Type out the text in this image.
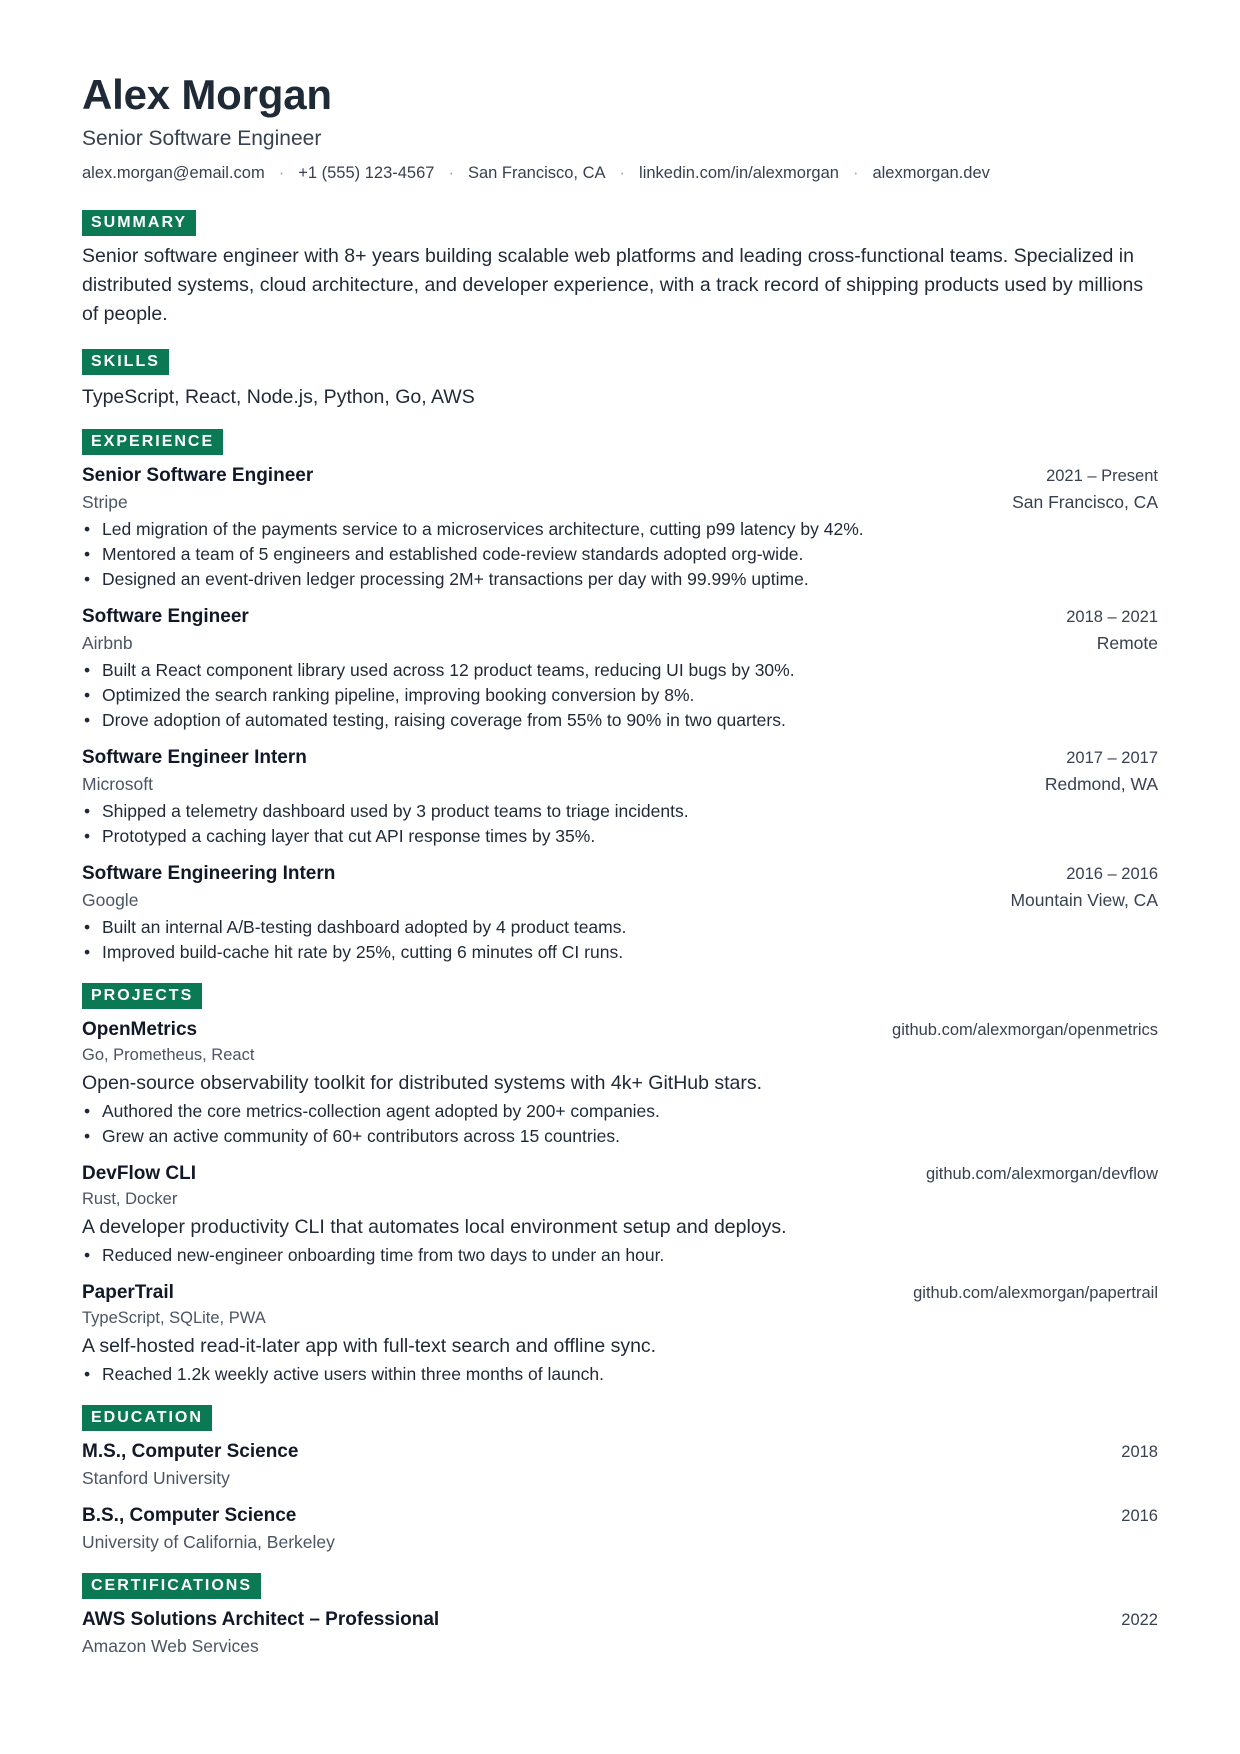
Alex Morgan
Senior Software Engineer
alex.morgan@email.com · +1 (555) 123-4567 · San Francisco, CA · linkedin.com/in/alexmorgan · alexmorgan.dev
SUMMARY
Senior software engineer with 8+ years building scalable web platforms and leading cross-functional teams. Specialized in distributed systems, cloud architecture, and developer experience, with a track record of shipping products used by millions of people.
SKILLS
TypeScript, React, Node.js, Python, Go, AWS
EXPERIENCE
Senior Software Engineer	2021 – Present
Stripe	San Francisco, CA
• Led migration of the payments service to a microservices architecture, cutting p99 latency by 42%.
• Mentored a team of 5 engineers and established code-review standards adopted org-wide.
• Designed an event-driven ledger processing 2M+ transactions per day with 99.99% uptime.
Software Engineer	2018 – 2021
Airbnb	Remote
• Built a React component library used across 12 product teams, reducing UI bugs by 30%.
• Optimized the search ranking pipeline, improving booking conversion by 8%.
• Drove adoption of automated testing, raising coverage from 55% to 90% in two quarters.
Software Engineer Intern	2017 – 2017
Microsoft	Redmond, WA
• Shipped a telemetry dashboard used by 3 product teams to triage incidents.
• Prototyped a caching layer that cut API response times by 35%.
Software Engineering Intern	2016 – 2016
Google	Mountain View, CA
• Built an internal A/B-testing dashboard adopted by 4 product teams.
• Improved build-cache hit rate by 25%, cutting 6 minutes off CI runs.
PROJECTS
OpenMetrics	github.com/alexmorgan/openmetrics
Go, Prometheus, React
Open-source observability toolkit for distributed systems with 4k+ GitHub stars.
• Authored the core metrics-collection agent adopted by 200+ companies.
• Grew an active community of 60+ contributors across 15 countries.
DevFlow CLI	github.com/alexmorgan/devflow
Rust, Docker
A developer productivity CLI that automates local environment setup and deploys.
• Reduced new-engineer onboarding time from two days to under an hour.
PaperTrail	github.com/alexmorgan/papertrail
TypeScript, SQLite, PWA
A self-hosted read-it-later app with full-text search and offline sync.
• Reached 1.2k weekly active users within three months of launch.
EDUCATION
M.S., Computer Science	2018
Stanford University
B.S., Computer Science	2016
University of California, Berkeley
CERTIFICATIONS
AWS Solutions Architect – Professional	2022
Amazon Web Services
